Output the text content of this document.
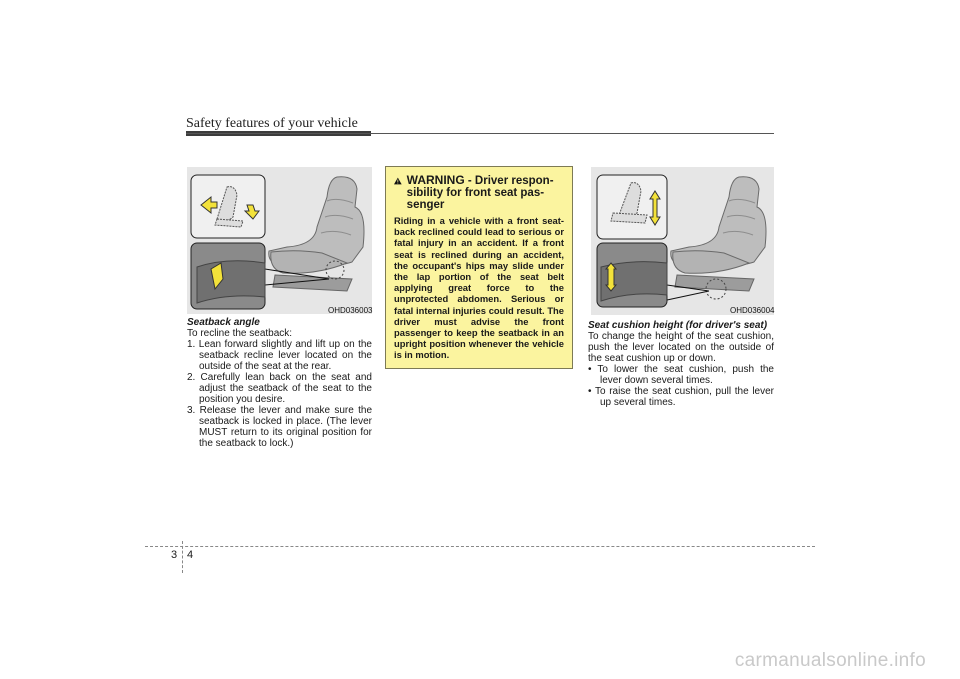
Safety features of your vehicle
OHD036003

Seatback angle

To recline the seatback:

1. Lean forward slightly and lift up on the seatback recline lever located on the outside of the seat at the rear.
2. Carefully lean back on the seat and adjust the seatback of the seat to the position you desire.
3. Release the lever and make sure the seatback is locked in place. (The lever MUST return to its original position for the seatback to lock.)
WARNING - Driver respon- sibility for front seat pas- senger
Riding in a vehicle with a front seat-back reclined could lead to serious or fatal injury in an accident. If a front seat is reclined during an accident, the occupant's hips may slide under the lap portion of the seat belt applying great force to the unprotected abdomen. Serious or fatal internal injuries could result. The driver must advise the front passenger to keep the seatback in an upright position whenever the vehicle is in motion.
OHD036004

Seat cushion height (for driver's seat)

To change the height of the seat cushion, push the lever located on the outside of the seat cushion up or down.

• To lower the seat cushion, push the lever down several times.
• To raise the seat cushion, pull the lever up several times.
3 4
carmanualsonline.info
